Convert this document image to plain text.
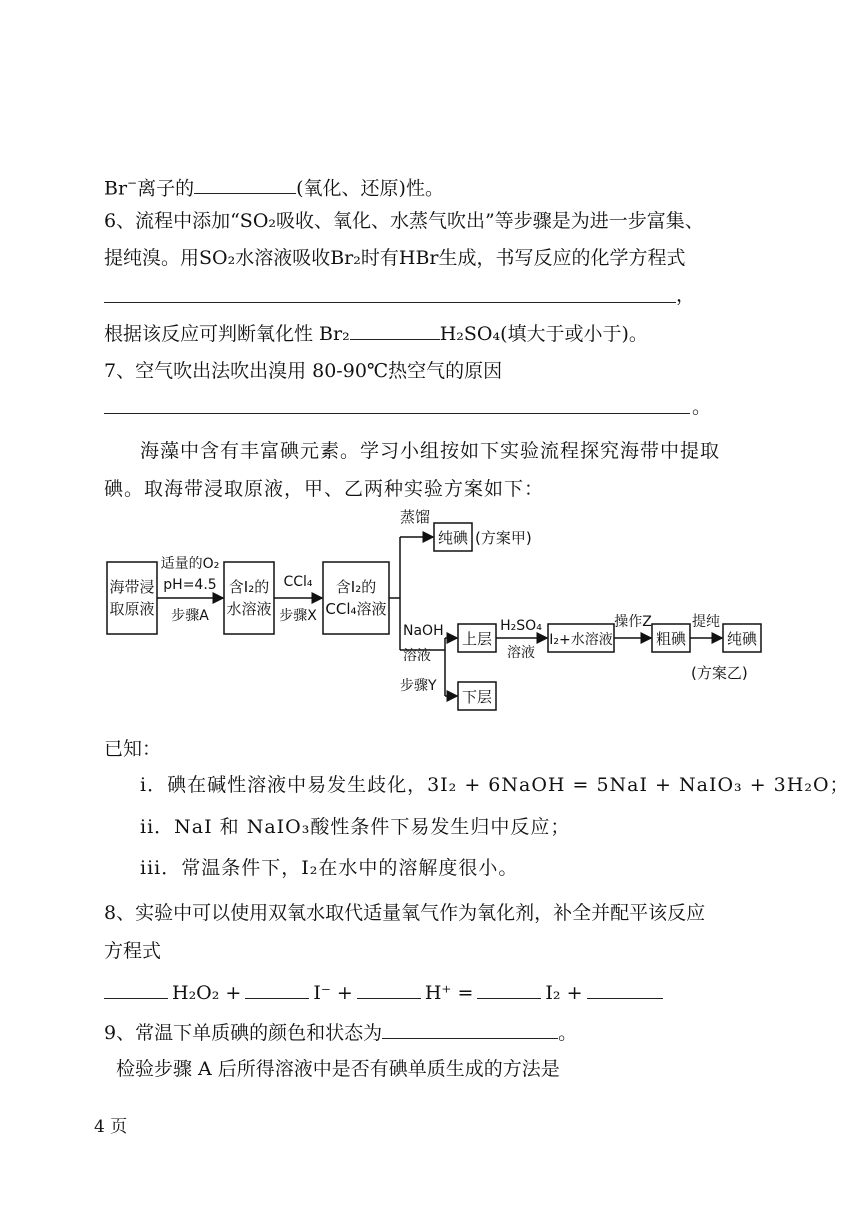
Br−离子的	(氧化、还原)性。
6、流程中添加“SO₂吸收、氧化、水蒸气吹出”等步骤是为进一步富集、
提纯溴。用SO₂水溶液吸收Br₂时有HBr生成，书写反应的化学方程式
，
根据该反应可判断氧化性 Br₂	H₂SO₄(填大于或小于)。
7、空气吹出法吹出溴用 80-90℃热空气的原因
。
海藻中含有丰富碘元素。学习小组按如下实验流程探究海带中提取
碘。取海带浸取原液，甲、乙两种实验方案如下：
海带浸
取原液
适量的O₂
pH=4.5
步骤A
含I₂的
水溶液
CCl₄
步骤X
含I₂的
CCl₄溶液
蒸馏
纯碘 (方案甲)
NaOH
溶液
步骤Y
上层
下层
H₂SO₄
溶液
I₂+水溶液
操作Z
粗碘
提纯
纯碘
(方案乙)
已知：
i．碘在碱性溶液中易发生歧化，3I₂ + 6NaOH = 5NaI + NaIO₃ + 3H₂O；
ii．NaI 和 NaIO₃酸性条件下易发生归中反应；
iii．常温条件下，I₂在水中的溶解度很小。
8、实验中可以使用双氧水取代适量氧气作为氧化剂，补全并配平该反应
方程式
H₂O₂ +	I⁻ +	H⁺ =	I₂ +
9、常温下单质碘的颜色和状态为	。
检验步骤 A 后所得溶液中是否有碘单质生成的方法是
4 页
